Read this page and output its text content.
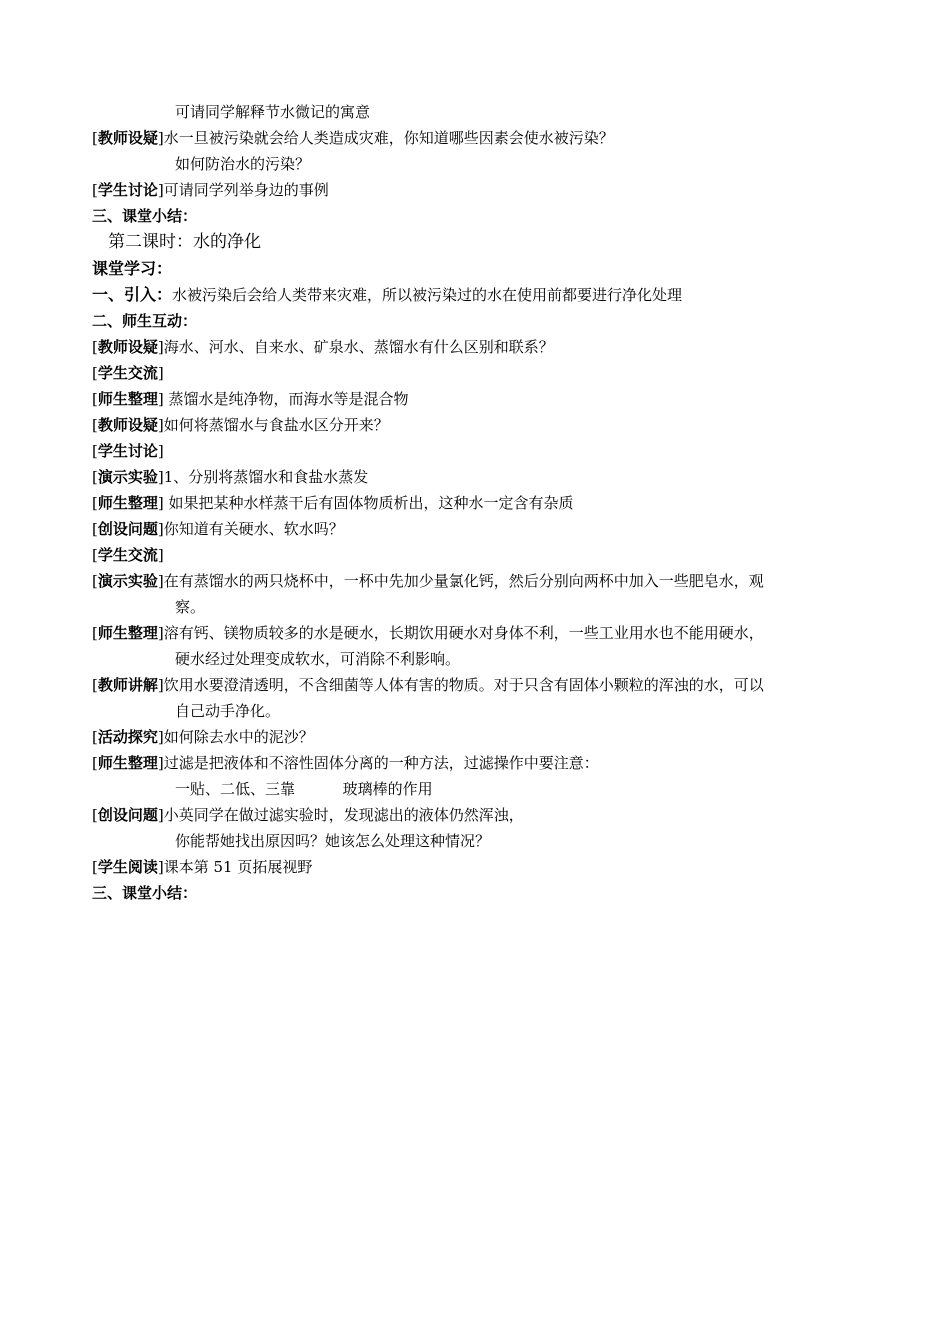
可请同学解释节水微记的寓意
[ 教师设疑 ] 水一旦被污染就会给人类造成灾难，你知道哪些因素会使水被污染？
如何防治水的污染？
[ 学生讨论 ] 可请同学列举身边的事例
三、课堂小结：
第二课时：水的净化
课堂学习：
一、引入：水被污染后会给人类带来灾难，所以被污染过的水在使用前都要进行净化处理
二、师生互动：
[ 教师设疑 ] 海水、河水、自来水、矿泉水、蒸馏水有什么区别和联系？
[ 学生交流 ]
[ 师生整理 ] 蒸馏水是纯净物，而海水等是混合物
[ 教师设疑 ] 如何将蒸馏水与食盐水区分开来？
[ 学生讨论 ]
[ 演示实验 ] 1、分别将蒸馏水和食盐水蒸发
[ 师生整理 ] 如果把某种水样蒸干后有固体物质析出，这种水一定含有杂质
[ 创设问题 ] 你知道有关硬水、软水吗？
[ 学生交流 ]
[ 演示实验 ] 在有蒸馏水的两只烧杯中，一杯中先加少量氯化钙，然后分别向两杯中加入一些肥皂水，观
察。
[ 师生整理 ] 溶有钙、镁物质较多的水是硬水，长期饮用硬水对身体不利，一些工业用水也不能用硬水，
硬水经过处理变成软水，可消除不利影响。
[ 教师讲解 ] 饮用水要澄清透明，不含细菌等人体有害的物质。对于只含有固体小颗粒的浑浊的水，可以
自己动手净化。
[ 活动探究 ] 如何除去水中的泥沙？
[ 师生整理 ] 过滤是把液体和不溶性固体分离的一种方法，过滤操作中要注意：
一贴、二低、三靠          玻璃棒的作用
[ 创设问题 ] 小英同学在做过滤实验时，发现滤出的液体仍然浑浊，
你能帮她找出原因吗？她该怎么处理这种情况？
[ 学生阅读 ] 课本第 51 页拓展视野
三、课堂小结：
